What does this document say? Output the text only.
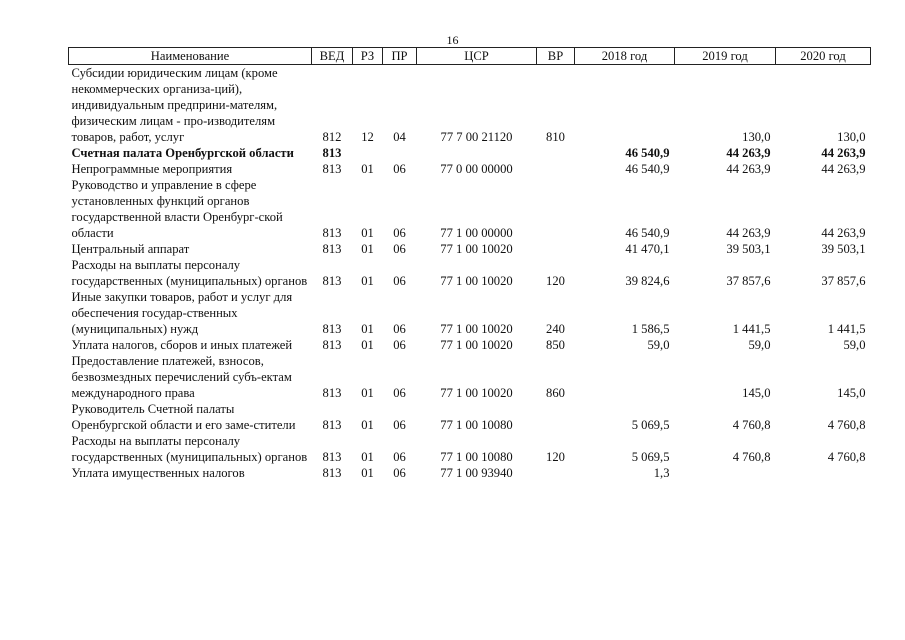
16
Наименование	ВЕД	РЗ	ПР	ЦСР	ВР	2018 год	2019 год	2020 год
Субсидии юридическим лицам (кроме некоммерческих организа-ций), индивидуальным предприни-мателям, физическим лицам - про-изводителям товаров, работ, услуг	812	12	04	77 7 00 21120	810		130,0	130,0
Счетная палата Оренбургской области	813					46 540,9	44 263,9	44 263,9
Непрограммные мероприятия	813	01	06	77 0 00 00000		46 540,9	44 263,9	44 263,9
Руководство и управление в сфере установленных функций органов государственной власти Оренбург-ской области	813	01	06	77 1 00 00000		46 540,9	44 263,9	44 263,9
Центральный аппарат	813	01	06	77 1 00 10020		41 470,1	39 503,1	39 503,1
Расходы на выплаты персоналу государственных (муниципальных) органов	813	01	06	77 1 00 10020	120	39 824,6	37 857,6	37 857,6
Иные закупки товаров, работ и услуг для обеспечения государ-ственных (муниципальных) нужд	813	01	06	77 1 00 10020	240	1 586,5	1 441,5	1 441,5
Уплата налогов, сборов и иных платежей	813	01	06	77 1 00 10020	850	59,0	59,0	59,0
Предоставление платежей, взносов, безвозмездных перечислений субъ-ектам международного права	813	01	06	77 1 00 10020	860		145,0	145,0
Руководитель Счетной палаты Оренбургской области и его заме-стители	813	01	06	77 1 00 10080		5 069,5	4 760,8	4 760,8
Расходы на выплаты персоналу государственных (муниципальных) органов	813	01	06	77 1 00 10080	120	5 069,5	4 760,8	4 760,8
Уплата имущественных налогов	813	01	06	77 1 00 93940		1,3		
